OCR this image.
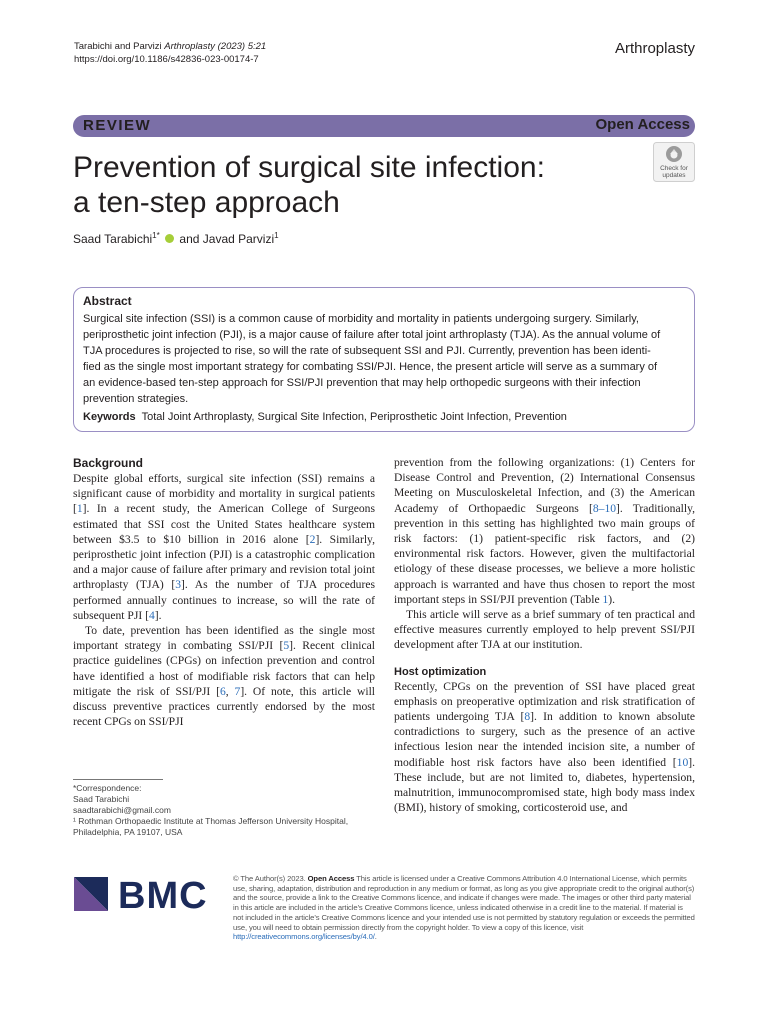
Tarabichi and Parvizi Arthroplasty (2023) 5:21
https://doi.org/10.1186/s42836-023-00174-7
Arthroplasty
REVIEW	Open Access
Prevention of surgical site infection:
a ten-step approach
Check for
updates
Saad Tarabichi$^{1*}$ and Javad Parvizi$^1$
Abstract
Surgical site infection (SSI) is a common cause of morbidity and mortality in patients undergoing surgery. Similarly,
periprosthetic joint infection (PJI), is a major cause of failure after total joint arthroplasty (TJA). As the annual volume of
TJA procedures is projected to rise, so will the rate of subsequent SSI and PJI. Currently, prevention has been identi-
fied as the single most important strategy for combating SSI/PJI. Hence, the present article will serve as a summary of
an evidence-based ten-step approach for SSI/PJI prevention that may help orthopedic surgeons with their infection
prevention strategies.
Keywords Total Joint Arthroplasty, Surgical Site Infection, Periprosthetic Joint Infection, Prevention
Background

Despite global efforts, surgical site infection (SSI) remains a significant cause of morbidity and mortality in surgical patients [1]. In a recent study, the American College of Surgeons estimated that SSI cost the United States healthcare system between $3.5 to $10 billion in 2016 alone [2]. Similarly, periprosthetic joint infection (PJI) is a catastrophic complication and a major cause of failure after primary and revision total joint arthroplasty (TJA) [3]. As the number of TJA procedures performed annually continues to increase, so will the rate of subsequent PJI [4].

To date, prevention has been identified as the single most important strategy in combating SSI/PJI [5]. Recent clinical practice guidelines (CPGs) on infection prevention and control have identified a host of modifiable risk factors that can help mitigate the risk of SSI/PJI [6, 7]. Of note, this article will discuss preventive practices currently endorsed by the most recent CPGs on SSI/PJI

prevention from the following organizations: (1) Centers for Disease Control and Prevention, (2) International Consensus Meeting on Musculoskeletal Infection, and (3) the American Academy of Orthopaedic Surgeons [8–10]. Traditionally, prevention in this setting has highlighted two main groups of risk factors: (1) patient-specific risk factors, and (2) environmental risk factors. However, given the multifactorial etiology of these disease processes, we believe a more holistic approach is warranted and have thus chosen to report the most important steps in SSI/PJI prevention (Table 1).

This article will serve as a brief summary of ten practical and effective measures currently employed to help prevent SSI/PJI development after TJA at our institution.

Host optimization

Recently, CPGs on the prevention of SSI have placed great emphasis on preoperative optimization and risk stratification of patients undergoing TJA [8]. In addition to known absolute contradictions to surgery, such as the presence of an active infectious lesion near the intended incision site, a number of modifiable host risk factors have also been identified [10]. These include, but are not limited to, diabetes, hypertension, malnutrition, immunocompromised state, high body mass index (BMI), history of smoking, corticosteroid use, and

*Correspondence:
Saad Tarabichi
saadtarabichi@gmail.com
¹ Rothman Orthopaedic Institute at Thomas Jefferson University Hospital,
Philadelphia, PA 19107, USA
BMC	© The Author(s) 2023. Open Access This article is licensed under a Creative Commons Attribution 4.0 International License, which permits use, sharing, adaptation, distribution and reproduction in any medium or format, as long as you give appropriate credit to the original author(s) and the source, provide a link to the Creative Commons licence, and indicate if changes were made. The images or other third party material in this article are included in the article’s Creative Commons licence, unless indicated otherwise in a credit line to the material. If material is not included in the article’s Creative Commons licence and your intended use is not permitted by statutory regulation or exceeds the permitted use, you will need to obtain permission directly from the copyright holder. To view a copy of this licence, visit http://creativecommons.org/licenses/by/4.0/.
